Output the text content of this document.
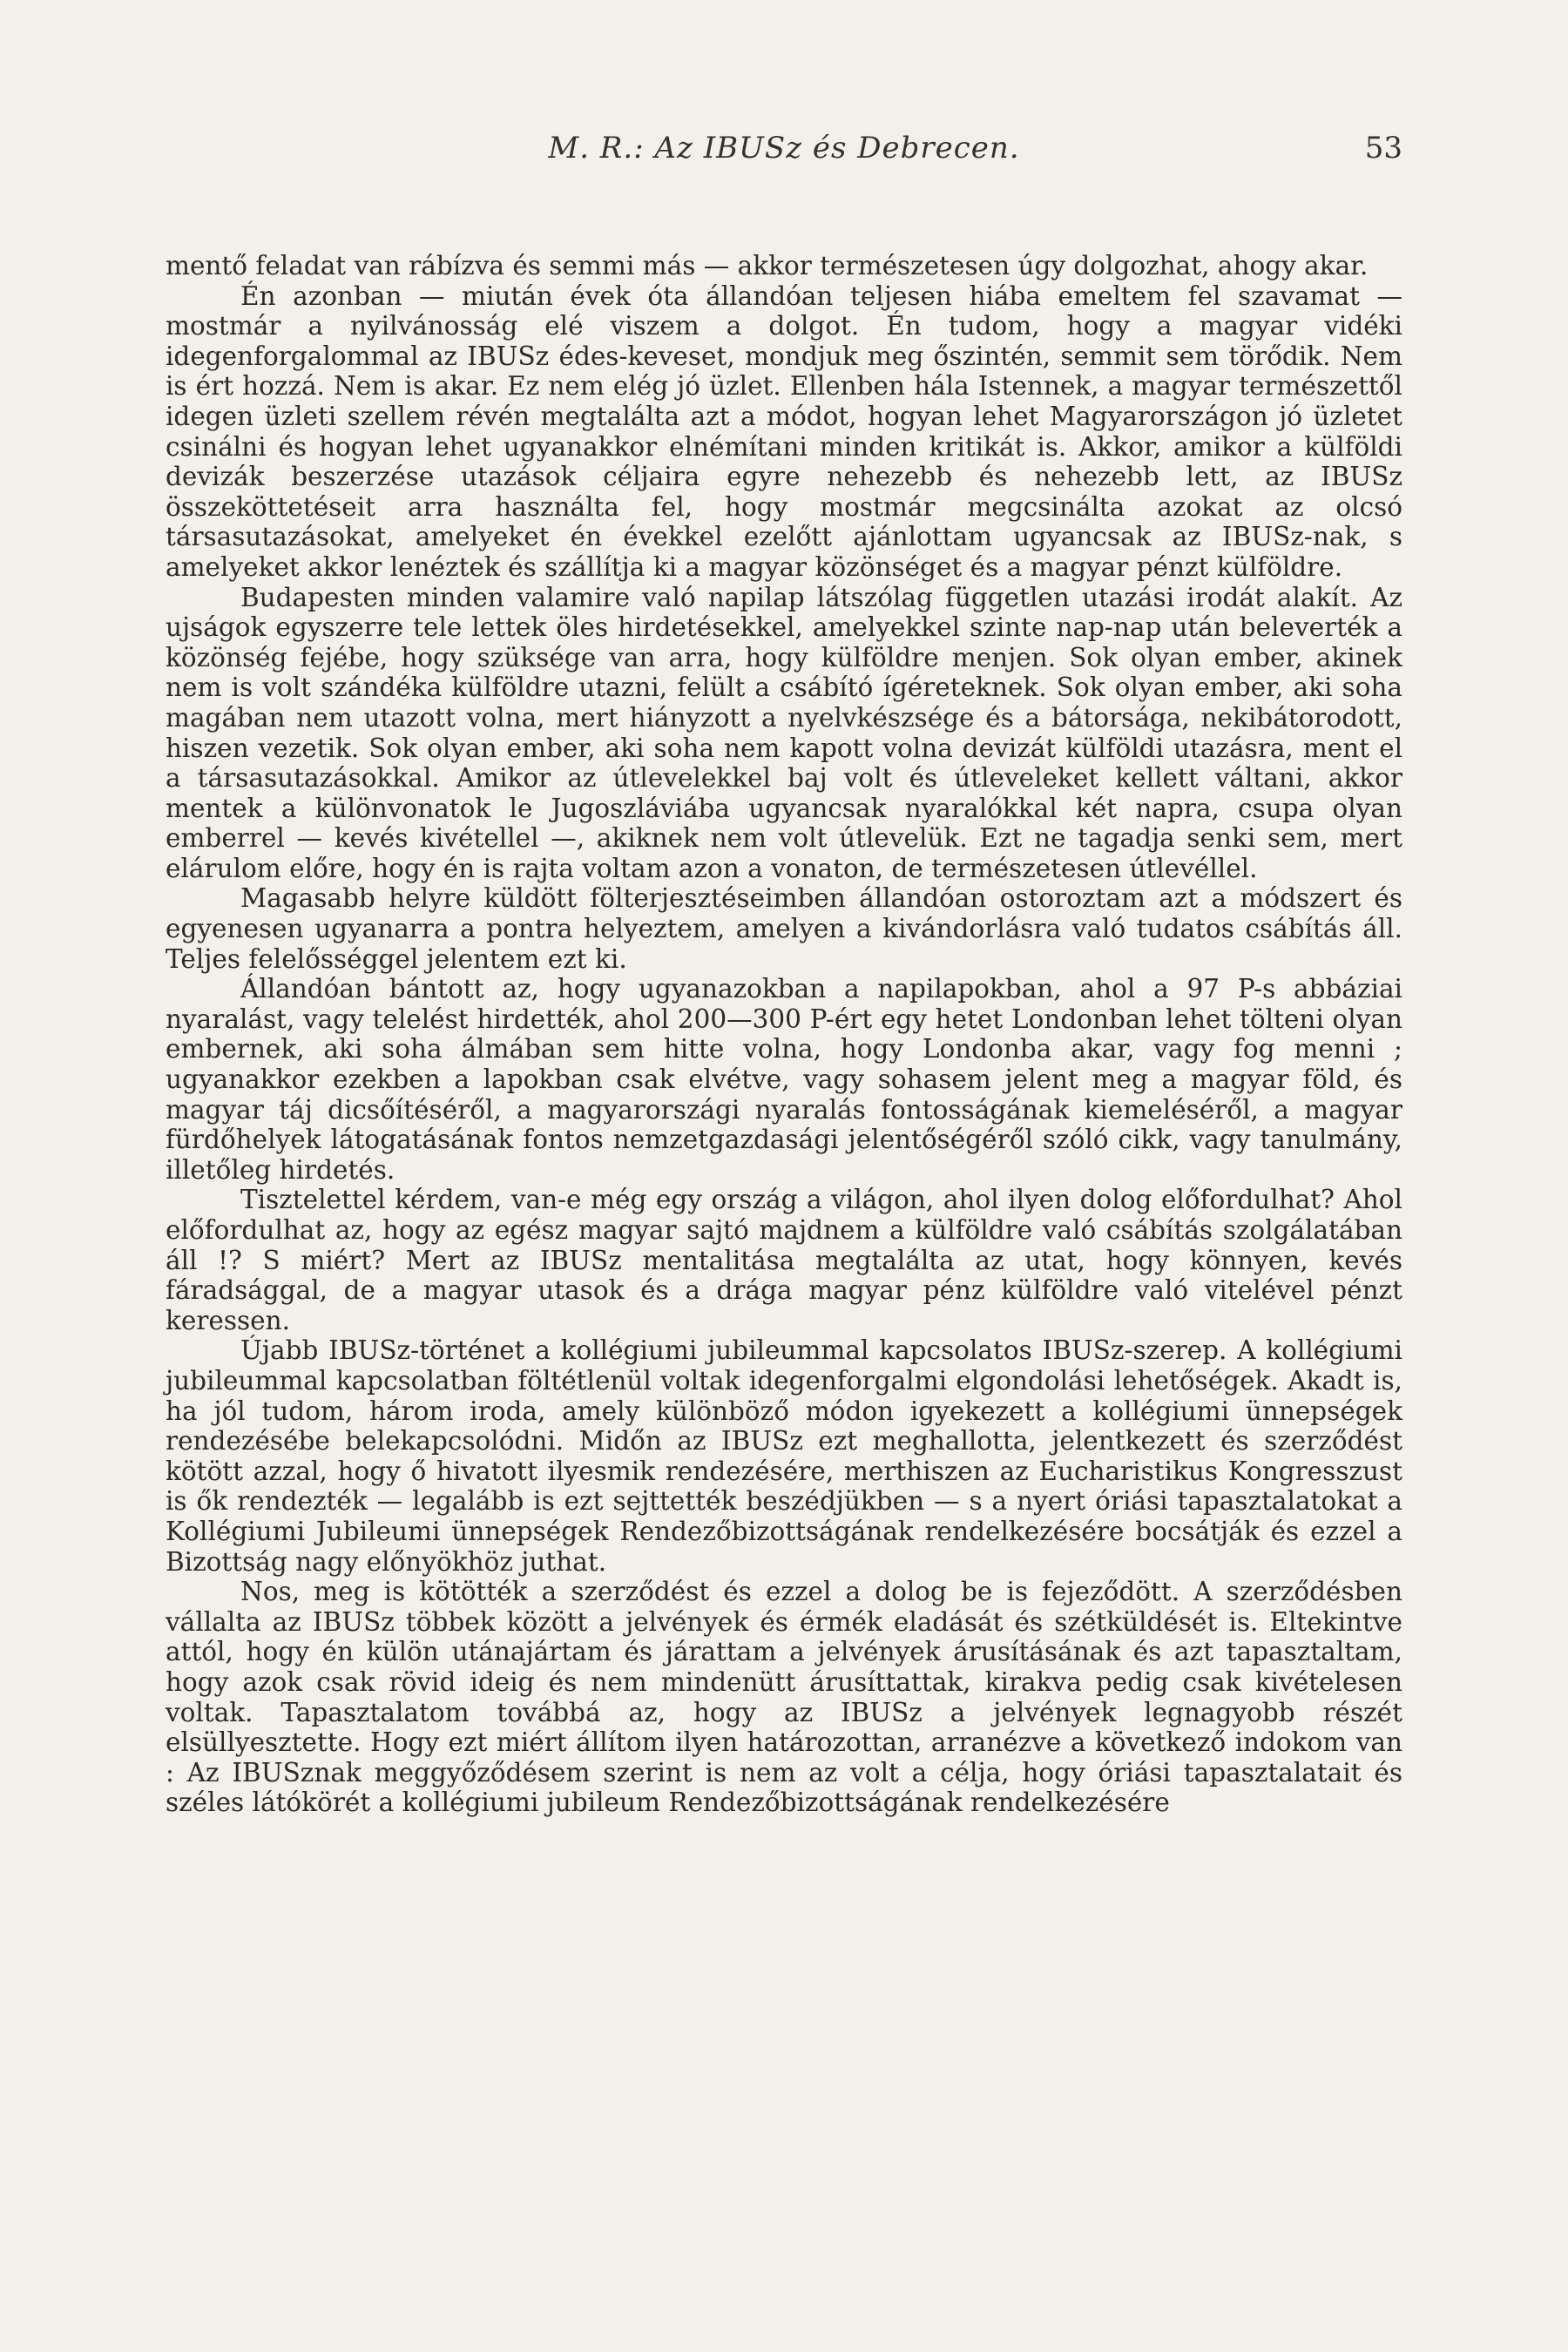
M. R.: Az IBUSz és Debrecen.	53

mentő feladat van rábízva és semmi más — akkor természetesen úgy dolgozhat, ahogy akar.

Én azonban — miután évek óta állandóan teljesen hiába emeltem fel szavamat — mostmár a nyilvánosság elé viszem a dolgot. Én tudom, hogy a magyar vidéki idegenforgalommal az IBUSz édes-keveset, mondjuk meg őszintén, semmit sem törődik. Nem is ért hozzá. Nem is akar. Ez nem elég jó üzlet. Ellenben hála Istennek, a magyar természettől idegen üzleti szellem révén megtalálta azt a módot, hogyan lehet Magyarországon jó üzletet csinálni és hogyan lehet ugyanakkor elnémítani minden kritikát is. Akkor, amikor a külföldi devizák beszerzése utazások céljaira egyre nehezebb és nehezebb lett, az IBUSz összeköttetéseit arra használta fel, hogy mostmár megcsinálta azokat az olcsó társasutazásokat, amelyeket én évekkel ezelőtt ajánlottam ugyancsak az IBUSz-nak, s amelyeket akkor lenéztek és szállítja ki a magyar közönséget és a magyar pénzt külföldre.

Budapesten minden valamire való napilap látszólag független utazási irodát alakít. Az ujságok egyszerre tele lettek öles hirdetésekkel, amelyekkel szinte nap-nap után beleverték a közönség fejébe, hogy szüksége van arra, hogy külföldre menjen. Sok olyan ember, akinek nem is volt szándéka külföldre utazni, felült a csábító ígéreteknek. Sok olyan ember, aki soha magában nem utazott volna, mert hiányzott a nyelvkészsége és a bátorsága, nekibátorodott, hiszen vezetik. Sok olyan ember, aki soha nem kapott volna devizát külföldi utazásra, ment el a társasutazásokkal. Amikor az útlevelekkel baj volt és útleveleket kellett váltani, akkor mentek a különvonatok le Jugoszláviába ugyancsak nyaralókkal két napra, csupa olyan emberrel — kevés kivétellel —, akiknek nem volt útlevelük. Ezt ne tagadja senki sem, mert elárulom előre, hogy én is rajta voltam azon a vonaton, de természetesen útlevéllel.

Magasabb helyre küldött fölterjesztéseimben állandóan ostoroztam azt a módszert és egyenesen ugyanarra a pontra helyeztem, amelyen a kivándorlásra való tudatos csábítás áll. Teljes felelősséggel jelentem ezt ki.

Állandóan bántott az, hogy ugyanazokban a napilapokban, ahol a 97 P-s abbáziai nyaralást, vagy telelést hirdették, ahol 200—300 P-ért egy hetet Londonban lehet tölteni olyan embernek, aki soha álmában sem hitte volna, hogy Londonba akar, vagy fog menni ; ugyanakkor ezekben a lapokban csak elvétve, vagy sohasem jelent meg a magyar föld, és magyar táj dicsőítéséről, a magyarországi nyaralás fontosságának kiemeléséről, a magyar fürdőhelyek látogatásának fontos nemzetgazdasági jelentőségéről szóló cikk, vagy tanulmány, illetőleg hirdetés.

Tisztelettel kérdem, van-e még egy ország a világon, ahol ilyen dolog előfordulhat? Ahol előfordulhat az, hogy az egész magyar sajtó majdnem a külföldre való csábítás szolgálatában áll !? S miért? Mert az IBUSz mentalitása megtalálta az utat, hogy könnyen, kevés fáradsággal, de a magyar utasok és a drága magyar pénz külföldre való vitelével pénzt keressen.

Újabb IBUSz-történet a kollégiumi jubileummal kapcsolatos IBUSz-szerep. A kollégiumi jubileummal kapcsolatban föltétlenül voltak idegenforgalmi elgondolási lehetőségek. Akadt is, ha jól tudom, három iroda, amely különböző módon igyekezett a kollégiumi ünnepségek rendezésébe belekapcsolódni. Midőn az IBUSz ezt meghallotta, jelentkezett és szerződést kötött azzal, hogy ő hivatott ilyesmik rendezésére, merthiszen az Eucharistikus Kongresszust is ők rendezték — legalább is ezt sejttették beszédjükben — s a nyert óriási tapasztalatokat a Kollégiumi Jubileumi ünnepségek Rendezőbizottságának rendelkezésére bocsátják és ezzel a Bizottság nagy előnyökhöz juthat.

Nos, meg is kötötték a szerződést és ezzel a dolog be is fejeződött. A szerződésben vállalta az IBUSz többek között a jelvények és érmék eladását és szétküldését is. Eltekintve attól, hogy én külön utánajártam és járattam a jelvények árusításának és azt tapasztaltam, hogy azok csak rövid ideig és nem mindenütt árusíttattak, kirakva pedig csak kivételesen voltak. Tapasztalatom továbbá az, hogy az IBUSz a jelvények legnagyobb részét elsüllyesztette. Hogy ezt miért állítom ilyen határozottan, arranézve a következő indokom van : Az IBUSznak meggyőződésem szerint is nem az volt a célja, hogy óriási tapasztalatait és széles látókörét a kollégiumi jubileum Rendezőbizottságának rendelkezésére
